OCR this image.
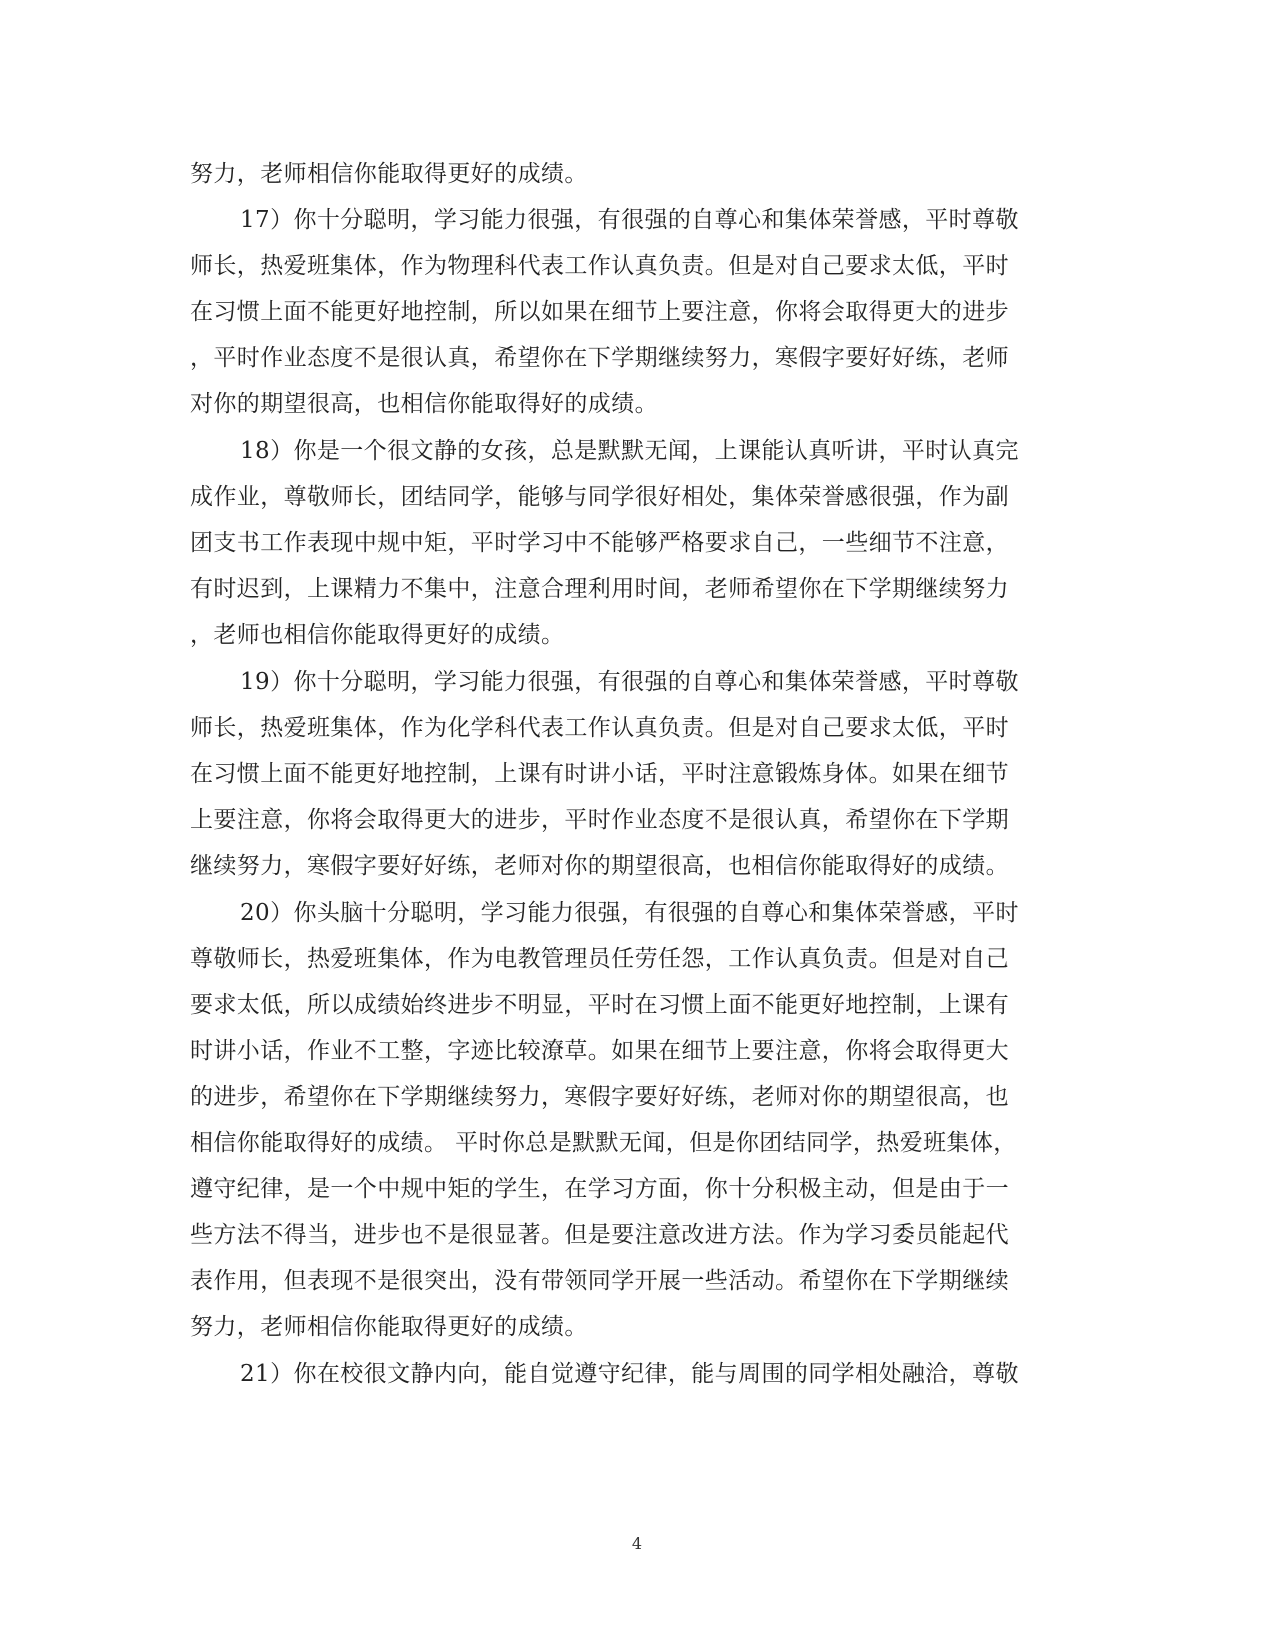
努力，老师相信你能取得更好的成绩。
17）你十分聪明，学习能力很强，有很强的自尊心和集体荣誉感，平时尊敬
师长，热爱班集体，作为物理科代表工作认真负责。但是对自己要求太低，平时
在习惯上面不能更好地控制，所以如果在细节上要注意，你将会取得更大的进步
，平时作业态度不是很认真，希望你在下学期继续努力，寒假字要好好练，老师
对你的期望很高，也相信你能取得好的成绩。
18）你是一个很文静的女孩，总是默默无闻，上课能认真听讲，平时认真完
成作业，尊敬师长，团结同学，能够与同学很好相处，集体荣誉感很强，作为副
团支书工作表现中规中矩，平时学习中不能够严格要求自己，一些细节不注意，
有时迟到，上课精力不集中，注意合理利用时间，老师希望你在下学期继续努力
，老师也相信你能取得更好的成绩。
19）你十分聪明，学习能力很强，有很强的自尊心和集体荣誉感，平时尊敬
师长，热爱班集体，作为化学科代表工作认真负责。但是对自己要求太低，平时
在习惯上面不能更好地控制，上课有时讲小话，平时注意锻炼身体。如果在细节
上要注意，你将会取得更大的进步，平时作业态度不是很认真，希望你在下学期
继续努力，寒假字要好好练，老师对你的期望很高，也相信你能取得好的成绩。
20）你头脑十分聪明，学习能力很强，有很强的自尊心和集体荣誉感，平时
尊敬师长，热爱班集体，作为电教管理员任劳任怨，工作认真负责。但是对自己
要求太低，所以成绩始终进步不明显，平时在习惯上面不能更好地控制，上课有
时讲小话，作业不工整，字迹比较潦草。如果在细节上要注意，你将会取得更大
的进步，希望你在下学期继续努力，寒假字要好好练，老师对你的期望很高，也
相信你能取得好的成绩。 平时你总是默默无闻，但是你团结同学，热爱班集体，
遵守纪律，是一个中规中矩的学生，在学习方面，你十分积极主动，但是由于一
些方法不得当，进步也不是很显著。但是要注意改进方法。作为学习委员能起代
表作用，但表现不是很突出，没有带领同学开展一些活动。希望你在下学期继续
努力，老师相信你能取得更好的成绩。
21）你在校很文静内向，能自觉遵守纪律，能与周围的同学相处融洽，尊敬
4
